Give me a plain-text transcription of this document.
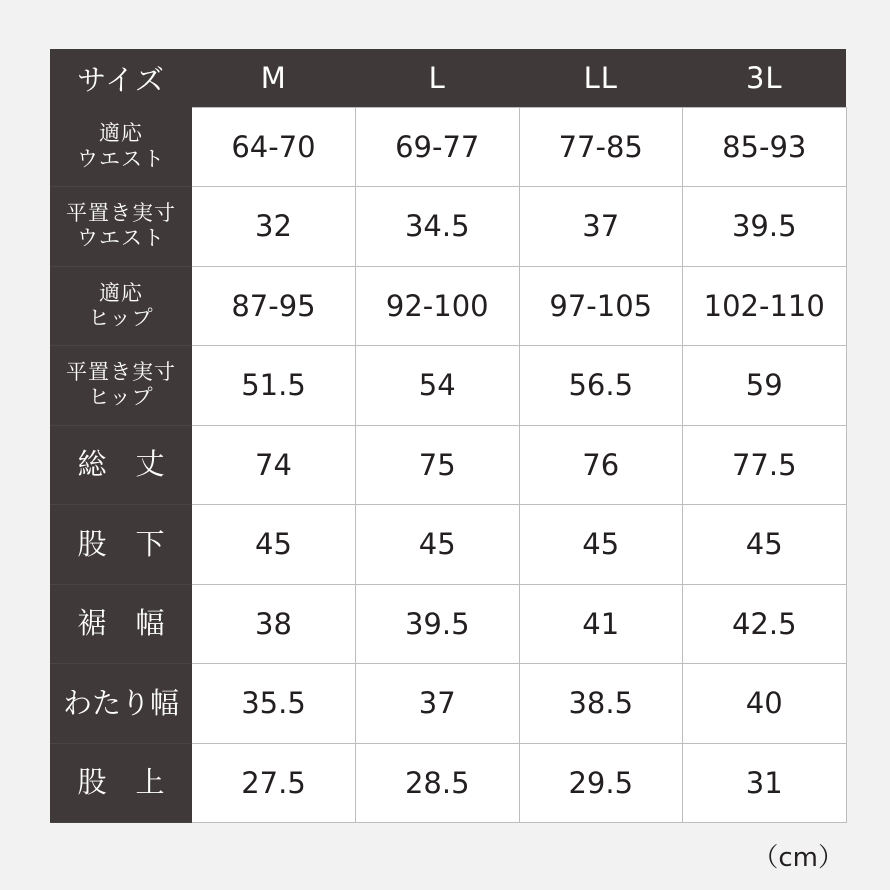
サイズ	M	L	LL	3L

適応
ウエスト	64-70	69-77	77-85	85-93

平置き実寸
ウエスト	32	34.5	37	39.5

適応
ヒップ	87-95	92-100	97-105	102-110

平置き実寸
ヒップ	51.5	54	56.5	59

総　丈	74	75	76	77.5

股　下	45	45	45	45

裾　幅	38	39.5	41	42.5

わたり幅	35.5	37	38.5	40

股　上	27.5	28.5	29.5	31
（cm）
